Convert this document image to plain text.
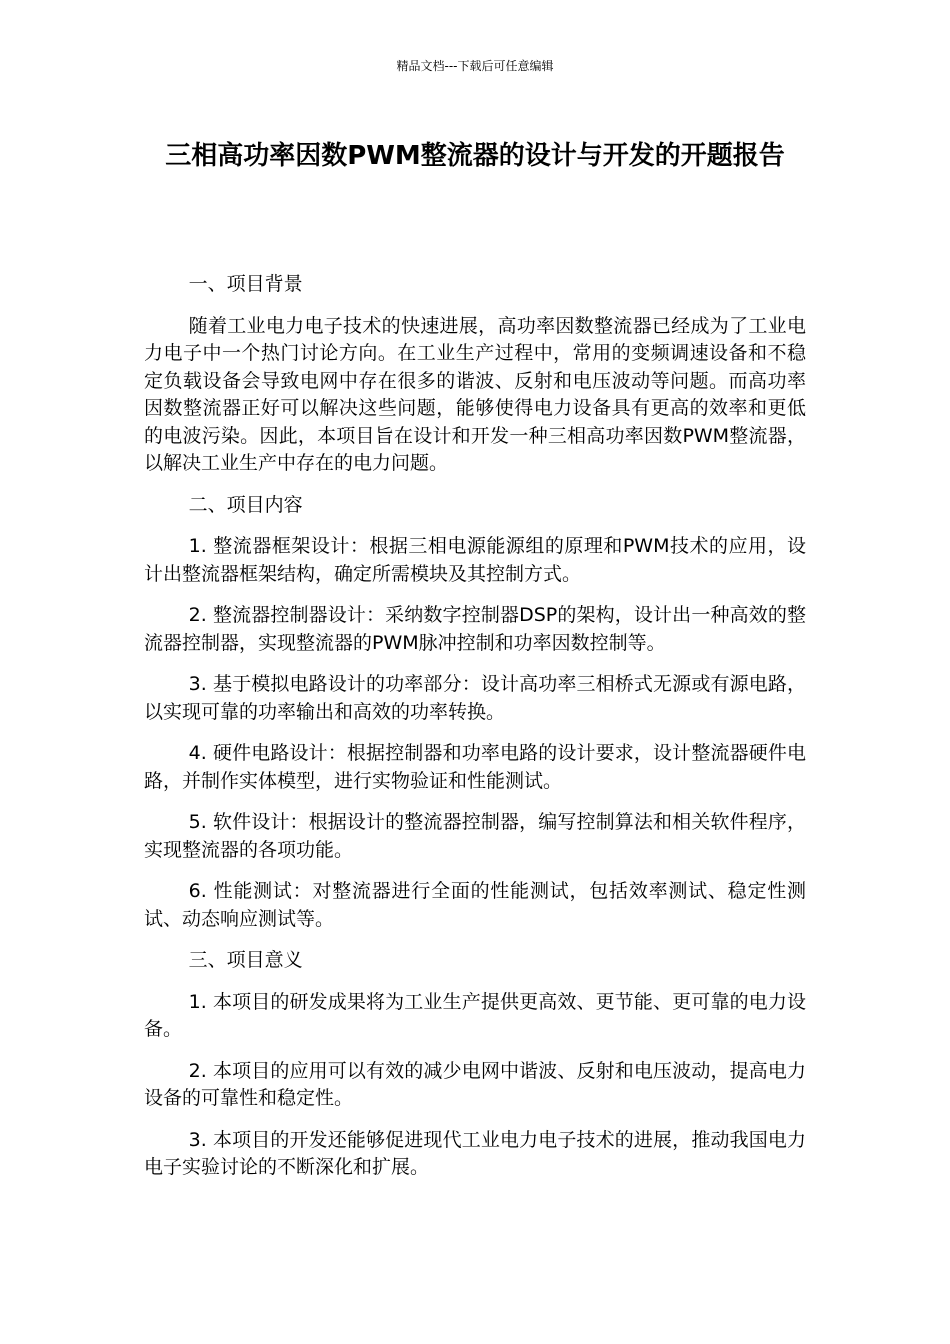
精品文档---下载后可任意编辑
三相高功率因数PWM整流器的设计与开发的开题报告

一、项目背景

随着工业电力电子技术的快速进展，高功率因数整流器已经成为了工业电力电子中一个热门讨论方向。在工业生产过程中，常用的变频调速设备和不稳定负载设备会导致电网中存在很多的谐波、反射和电压波动等问题。而高功率因数整流器正好可以解决这些问题，能够使得电力设备具有更高的效率和更低的电波污染。因此，本项目旨在设计和开发一种三相高功率因数PWM整流器，以解决工业生产中存在的电力问题。

二、项目内容

1. 整流器框架设计：根据三相电源能源组的原理和PWM技术的应用，设计出整流器框架结构，确定所需模块及其控制方式。

2. 整流器控制器设计：采纳数字控制器DSP的架构，设计出一种高效的整流器控制器，实现整流器的PWM脉冲控制和功率因数控制等。

3. 基于模拟电路设计的功率部分：设计高功率三相桥式无源或有源电路，以实现可靠的功率输出和高效的功率转换。

4. 硬件电路设计：根据控制器和功率电路的设计要求，设计整流器硬件电路，并制作实体模型，进行实物验证和性能测试。

5. 软件设计：根据设计的整流器控制器，编写控制算法和相关软件程序，实现整流器的各项功能。

6. 性能测试：对整流器进行全面的性能测试，包括效率测试、稳定性测试、动态响应测试等。

三、项目意义

1. 本项目的研发成果将为工业生产提供更高效、更节能、更可靠的电力设备。

2. 本项目的应用可以有效的减少电网中谐波、反射和电压波动，提高电力设备的可靠性和稳定性。

3. 本项目的开发还能够促进现代工业电力电子技术的进展，推动我国电力电子实验讨论的不断深化和扩展。
